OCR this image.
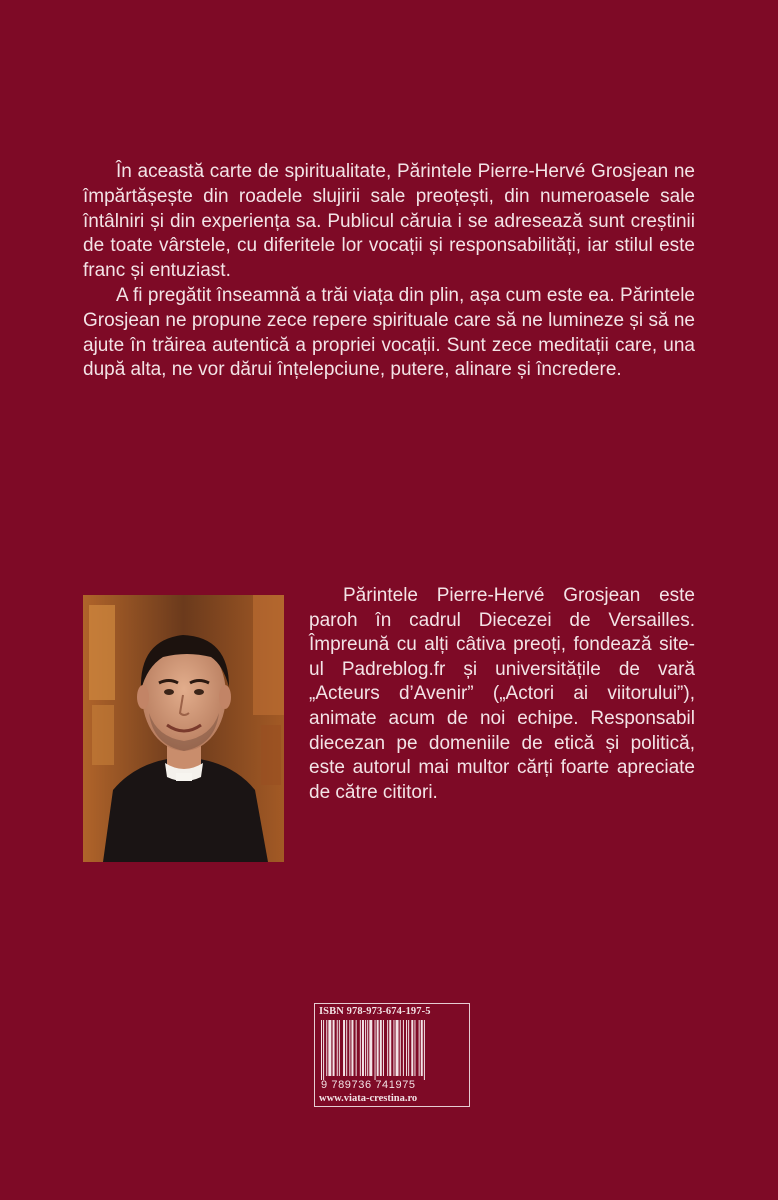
În această carte de spiritualitate, Părintele Pierre-Hervé Grosjean ne împărtășește din roadele slujirii sale preoțești, din numeroasele sale întâlniri și din experiența sa. Publicul căruia i se adresează sunt creștinii de toate vârstele, cu diferitele lor vocații și responsabilități, iar stilul este franc și entuziast.

A fi pregătit înseamnă a trăi viața din plin, așa cum este ea. Părintele Grosjean ne propune zece repere spirituale care să ne lumineze și să ne ajute în trăirea autentică a propriei vocații. Sunt zece meditații care, una după alta, ne vor dărui înțelepciune, putere, alinare și încredere.

Părintele Pierre-Hervé Grosjean este paroh în cadrul Diecezei de Versailles. Împreună cu alți câtiva preoți, fondează site-ul Padreblog.fr și universitățile de vară „Acteurs d’Avenir” („Actori ai viitorului”), animate acum de noi echipe. Responsabil diecezan pe domeniile de etică și politică, este autorul mai multor cărți foarte apreciate de către cititori.

ISBN 978-973-674-197-5
9 789736 741975
www.viata-crestina.ro
